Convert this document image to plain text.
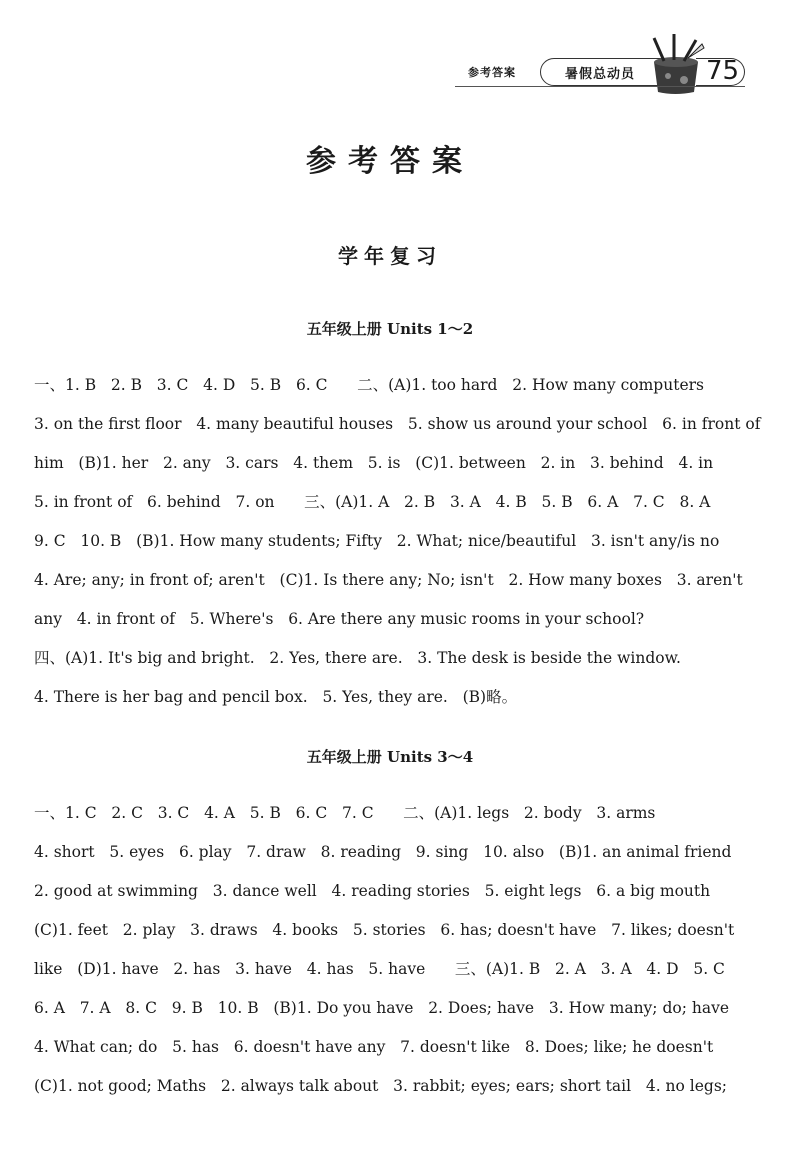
参考答案	暑假总动员	75
参考答案
学年复习
五年级上册 Units 1～2
一、1. B   2. B   3. C   4. D   5. B   6. C      二、(A)1. too hard   2. How many computers
3. on the first floor   4. many beautiful houses   5. show us around your school   6. in front of
him   (B)1. her   2. any   3. cars   4. them   5. is   (C)1. between   2. in   3. behind   4. in
5. in front of   6. behind   7. on      三、(A)1. A   2. B   3. A   4. B   5. B   6. A   7. C   8. A
9. C   10. B   (B)1. How many students; Fifty   2. What; nice/beautiful   3. isn't any/is no
4. Are; any; in front of; aren't   (C)1. Is there any; No; isn't   2. How many boxes   3. aren't
any   4. in front of   5. Where's   6. Are there any music rooms in your school?
四、(A)1. It's big and bright.   2. Yes, there are.   3. The desk is beside the window.
4. There is her bag and pencil box.   5. Yes, they are.   (B)略。
五年级上册 Units 3～4
一、1. C   2. C   3. C   4. A   5. B   6. C   7. C      二、(A)1. legs   2. body   3. arms
4. short   5. eyes   6. play   7. draw   8. reading   9. sing   10. also   (B)1. an animal friend
2. good at swimming   3. dance well   4. reading stories   5. eight legs   6. a big mouth
(C)1. feet   2. play   3. draws   4. books   5. stories   6. has; doesn't have   7. likes; doesn't
like   (D)1. have   2. has   3. have   4. has   5. have      三、(A)1. B   2. A   3. A   4. D   5. C
6. A   7. A   8. C   9. B   10. B   (B)1. Do you have   2. Does; have   3. How many; do; have
4. What can; do   5. has   6. doesn't have any   7. doesn't like   8. Does; like; he doesn't
(C)1. not good; Maths   2. always talk about   3. rabbit; eyes; ears; short tail   4. no legs;
